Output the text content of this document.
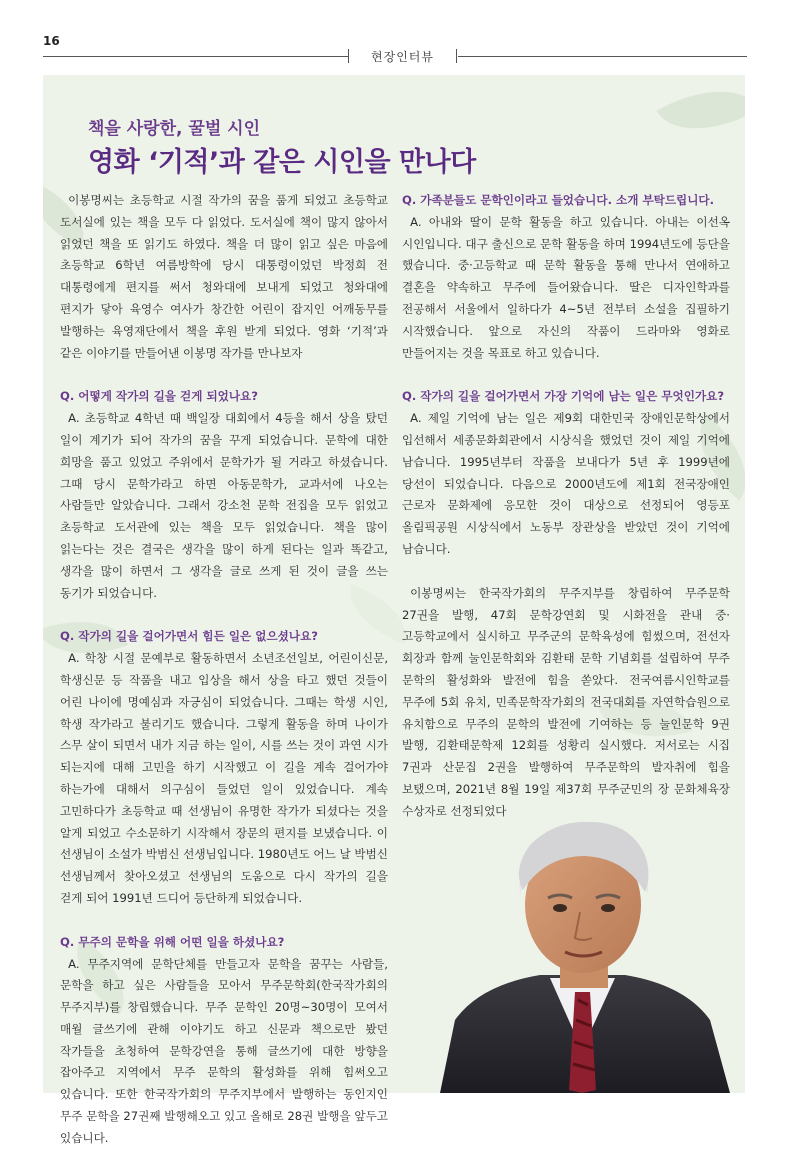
16
현장인터뷰
책을 사랑한, 꿀벌 시인
영화 ‘기적’과 같은 시인을 만나다

이봉명씨는 초등학교 시절 작가의 꿈을 품게 되었고 초등학교 도서실에 있는 책을 모두 다 읽었다. 도서실에 책이 많지 않아서 읽었던 책을 또 읽기도 하였다. 책을 더 많이 읽고 싶은 마음에 초등학교 6학년 여름방학에 당시 대통령이었던 박정희 전 대통령에게 편지를 써서 청와대에 보내게 되었고 청와대에 편지가 닿아 육영수 여사가 창간한 어린이 잡지인 어깨동무를 발행하는 육영재단에서 책을 후원 받게 되었다. 영화 ‘기적’과 같은 이야기를 만들어낸 이봉명 작가를 만나보자

Q. 어떻게 작가의 길을 걷게 되었나요?

A. 초등학교 4학년 때 백일장 대회에서 4등을 해서 상을 탔던 일이 계기가 되어 작가의 꿈을 꾸게 되었습니다. 문학에 대한 희망을 품고 있었고 주위에서 문학가가 될 거라고 하셨습니다. 그때 당시 문학가라고 하면 아동문학가, 교과서에 나오는 사람들만 알았습니다. 그래서 강소천 문학 전집을 모두 읽었고 초등학교 도서관에 있는 책을 모두 읽었습니다. 책을 많이 읽는다는 것은 결국은 생각을 많이 하게 된다는 일과 똑같고, 생각을 많이 하면서 그 생각을 글로 쓰게 된 것이 글을 쓰는 동기가 되었습니다.

Q. 작가의 길을 걸어가면서 힘든 일은 없으셨나요?

A. 학창 시절 문예부로 활동하면서 소년조선일보, 어린이신문, 학생신문 등 작품을 내고 입상을 해서 상을 타고 했던 것들이 어린 나이에 명예심과 자긍심이 되었습니다. 그때는 학생 시인, 학생 작가라고 불리기도 했습니다. 그렇게 활동을 하며 나이가 스무 살이 되면서 내가 지금 하는 일이, 시를 쓰는 것이 과연 시가 되는지에 대해 고민을 하기 시작했고 이 길을 계속 걸어가야 하는가에 대해서 의구심이 들었던 일이 있었습니다. 계속 고민하다가 초등학교 때 선생님이 유명한 작가가 되셨다는 것을 알게 되었고 수소문하기 시작해서 장문의 편지를 보냈습니다. 이 선생님이 소설가 박범신 선생님입니다. 1980년도 어느 날 박범신 선생님께서 찾아오셨고 선생님의 도움으로 다시 작가의 길을 걷게 되어 1991년 드디어 등단하게 되었습니다.

Q. 무주의 문학을 위해 어떤 일을 하셨나요?

A. 무주지역에 문학단체를 만들고자 문학을 꿈꾸는 사람들, 문학을 하고 싶은 사람들을 모아서 무주문학회(한국작가회의 무주지부)를 창립했습니다. 무주 문학인 20명~30명이 모여서 매월 글쓰기에 관해 이야기도 하고 신문과 책으로만 봤던 작가들을 초청하여 문학강연을 통해 글쓰기에 대한 방향을 잡아주고 지역에서 무주 문학의 활성화를 위해 힘써오고 있습니다. 또한 한국작가회의 무주지부에서 발행하는 동인지인 무주 문학을 27권째 발행해오고 있고 올해로 28권 발행을 앞두고 있습니다.

Q. 가족분들도 문학인이라고 들었습니다. 소개 부탁드립니다.

A. 아내와 딸이 문학 활동을 하고 있습니다. 아내는 이선옥 시인입니다. 대구 출신으로 문학 활동을 하며 1994년도에 등단을 했습니다. 중·고등학교 때 문학 활동을 통해 만나서 연애하고 결혼을 약속하고 무주에 들어왔습니다. 딸은 디자인학과를 전공해서 서울에서 일하다가 4~5년 전부터 소설을 집필하기 시작했습니다. 앞으로 자신의 작품이 드라마와 영화로 만들어지는 것을 목표로 하고 있습니다.

Q. 작가의 길을 걸어가면서 가장 기억에 남는 일은 무엇인가요?

A. 제일 기억에 남는 일은 제9회 대한민국 장애인문학상에서 입선해서 세종문화회관에서 시상식을 했었던 것이 제일 기억에 남습니다. 1995년부터 작품을 보내다가 5년 후 1999년에 당선이 되었습니다. 다음으로 2000년도에 제1회 전국장애인 근로자 문화제에 응모한 것이 대상으로 선정되어 영등포 올림픽공원 시상식에서 노동부 장관상을 받았던 것이 기억에 남습니다.

이봉명씨는 한국작가회의 무주지부를 창립하여 무주문학 27권을 발행, 47회 문학강연회 및 시화전을 관내 중·고등학교에서 실시하고 무주군의 문학육성에 힘썼으며, 전선자 회장과 함께 눌인문학회와 김환태 문학 기념회를 설립하여 무주 문학의 활성화와 발전에 힘을 쏟았다. 전국여름시인학교를 무주에 5회 유치, 민족문학작가회의 전국대회를 자연학습원으로 유치함으로 무주의 문학의 발전에 기여하는 등 눌인문학 9권 발행, 김환태문학제 12회를 성황리 실시했다. 저서로는 시집 7권과 산문집 2권을 발행하여 무주문학의 발자취에 힘을 보탰으며, 2021년 8월 19일 제37회 무주군민의 장 문화체육장 수상자로 선정되었다
